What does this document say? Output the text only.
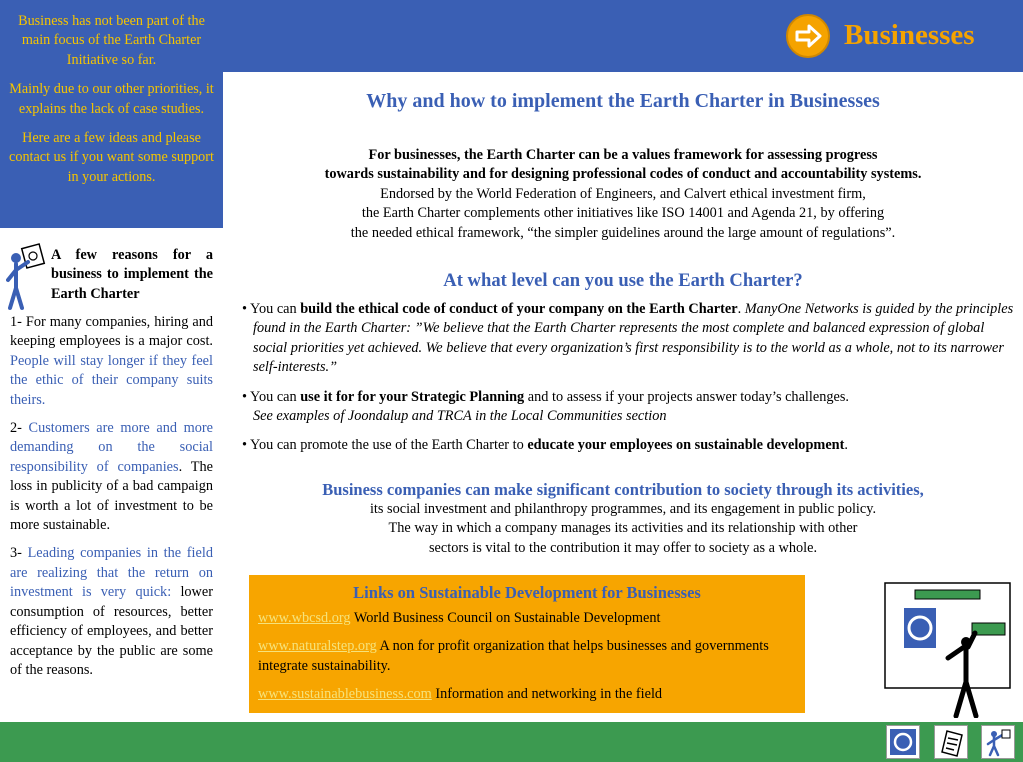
Business has not been part of the main focus of the Earth Charter Initiative so far.

Mainly due to our other priorities, it explains the lack of case studies.

Here are a few ideas and please contact us if you want some support in your actions.

Businesses
A few reasons for a business to implement the Earth Charter

1- For many companies, hiring and keeping employees is a major cost. People will stay longer if they feel the ethic of their company suits theirs.

2- Customers are more and more demanding on the social responsibility of companies. The loss in publicity of a bad campaign is worth a lot of investment to be more sustainable.

3- Leading companies in the field are realizing that the return on investment is very quick: lower consumption of resources, better efficiency of employees, and better acceptance by the public are some of the reasons.

Why and how to implement the Earth Charter in Businesses
For businesses, the Earth Charter can be a values framework for assessing progress
towards sustainability and for designing professional codes of conduct and accountability systems.
Endorsed by the World Federation of Engineers, and Calvert ethical investment firm,
the Earth Charter complements other initiatives like ISO 14001 and Agenda 21, by offering
the needed ethical framework, “the simpler guidelines around the large amount of regulations”.
At what level can you use the Earth Charter?
• You can build the ethical code of conduct of your company on the Earth Charter. ManyOne Networks is guided by the principles found in the Earth Charter: ”We believe that the Earth Charter represents the most complete and balanced expression of global social priorities yet achieved. We believe that every organization’s first responsibility is to the world as a whole, not to its narrower self-interests.”
• You can use it for for your Strategic Planning and to assess if your projects answer today’s challenges.
See examples of Joondalup and TRCA in the Local Communities section
• You can promote the use of the Earth Charter to educate your employees on sustainable development.
Business companies can make significant contribution to society through its activities,
its social investment and philanthropy programmes, and its engagement in public policy.
The way in which a company manages its activities and its relationship with other
sectors is vital to the contribution it may offer to society as a whole.
Links on Sustainable Development for Businesses

www.wbcsd.org World Business Council on Sustainable Development

www.naturalstep.org A non for profit organization that helps businesses and governments integrate sustainability.

www.sustainablebusiness.com Information and networking in the field
